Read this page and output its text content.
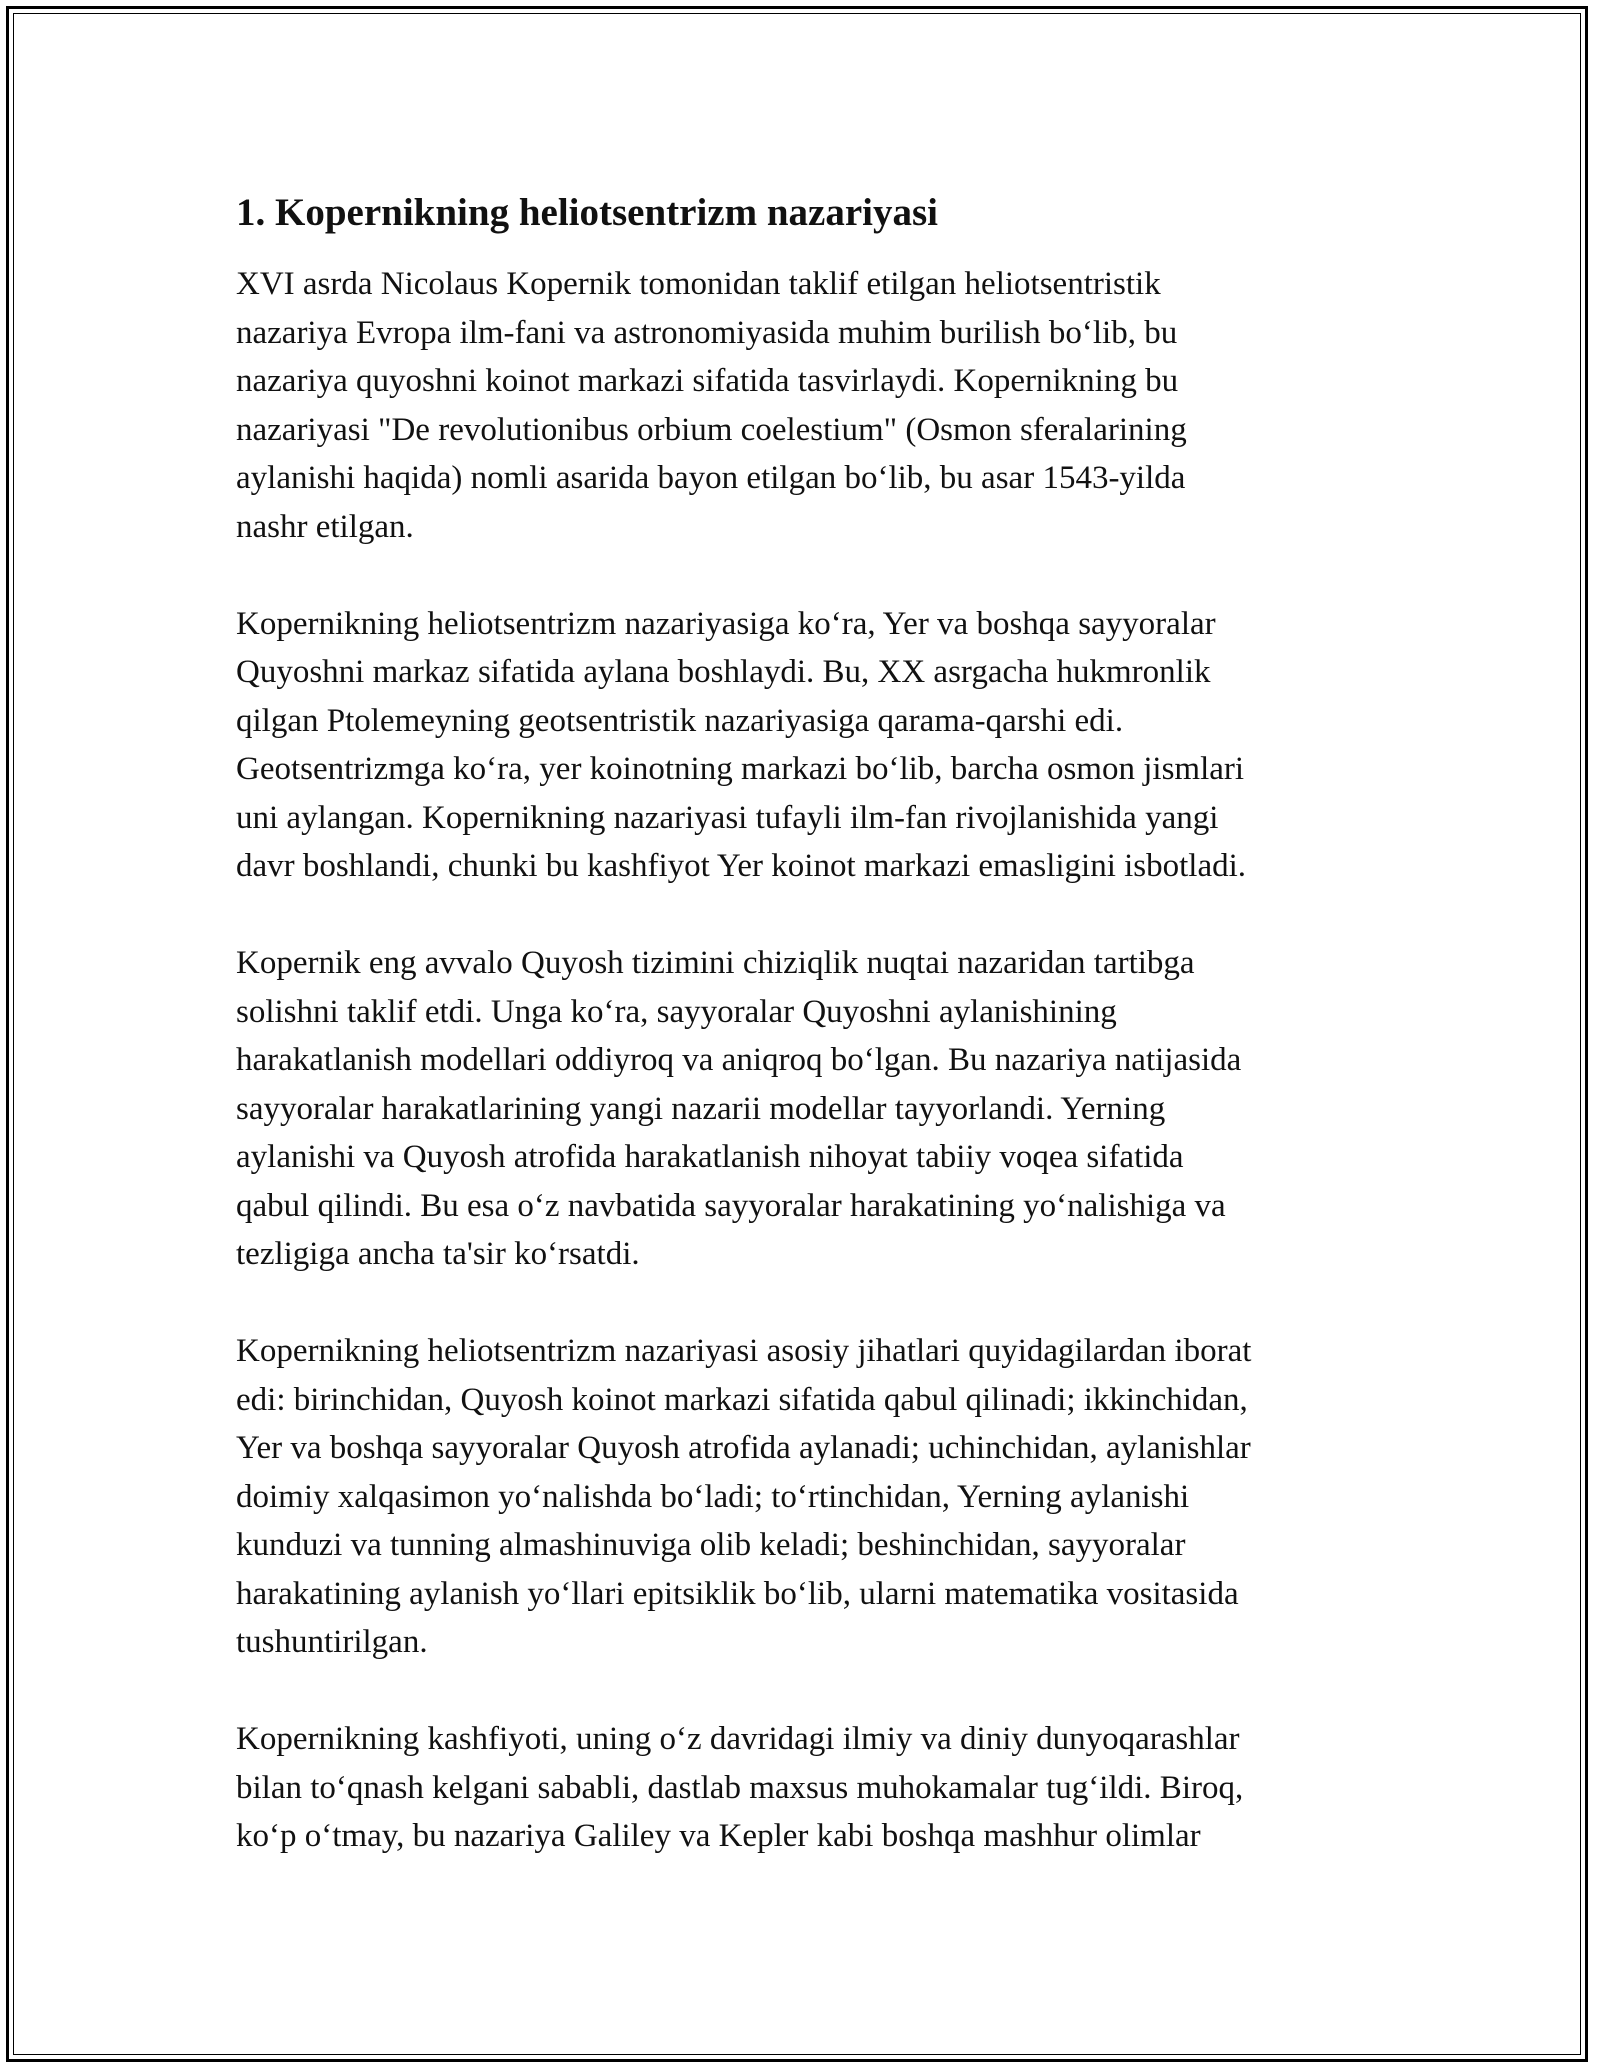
1. Kopernikning heliotsentrizm nazariyasi

XVI asrda Nicolaus Kopernik tomonidan taklif etilgan heliotsentristik
nazariya Evropa ilm-fani va astronomiyasida muhim burilish bo‘lib, bu
nazariya quyoshni koinot markazi sifatida tasvirlaydi. Kopernikning bu
nazariyasi "De revolutionibus orbium coelestium" (Osmon sferalarining
aylanishi haqida) nomli asarida bayon etilgan bo‘lib, bu asar 1543-yilda
nashr etilgan.

Kopernikning heliotsentrizm nazariyasiga ko‘ra, Yer va boshqa sayyoralar
Quyoshni markaz sifatida aylana boshlaydi. Bu, XX asrgacha hukmronlik
qilgan Ptolemeyning geotsentristik nazariyasiga qarama-qarshi edi.
Geotsentrizmga ko‘ra, yer koinotning markazi bo‘lib, barcha osmon jismlari
uni aylangan. Kopernikning nazariyasi tufayli ilm-fan rivojlanishida yangi
davr boshlandi, chunki bu kashfiyot Yer koinot markazi emasligini isbotladi.

Kopernik eng avvalo Quyosh tizimini chiziqlik nuqtai nazaridan tartibga
solishni taklif etdi. Unga ko‘ra, sayyoralar Quyoshni aylanishining
harakatlanish modellari oddiyroq va aniqroq bo‘lgan. Bu nazariya natijasida
sayyoralar harakatlarining yangi nazarii modellar tayyorlandi. Yerning
aylanishi va Quyosh atrofida harakatlanish nihoyat tabiiy voqea sifatida
qabul qilindi. Bu esa o‘z navbatida sayyoralar harakatining yo‘nalishiga va
tezligiga ancha ta'sir ko‘rsatdi.

Kopernikning heliotsentrizm nazariyasi asosiy jihatlari quyidagilardan iborat
edi: birinchidan, Quyosh koinot markazi sifatida qabul qilinadi; ikkinchidan,
Yer va boshqa sayyoralar Quyosh atrofida aylanadi; uchinchidan, aylanishlar
doimiy xalqasimon yo‘nalishda bo‘ladi; to‘rtinchidan, Yerning aylanishi
kunduzi va tunning almashinuviga olib keladi; beshinchidan, sayyoralar
harakatining aylanish yo‘llari epitsiklik bo‘lib, ularni matematika vositasida
tushuntirilgan.

Kopernikning kashfiyoti, uning o‘z davridagi ilmiy va diniy dunyoqarashlar
bilan to‘qnash kelgani sababli, dastlab maxsus muhokamalar tug‘ildi. Biroq,
ko‘p o‘tmay, bu nazariya Galiley va Kepler kabi boshqa mashhur olimlar
